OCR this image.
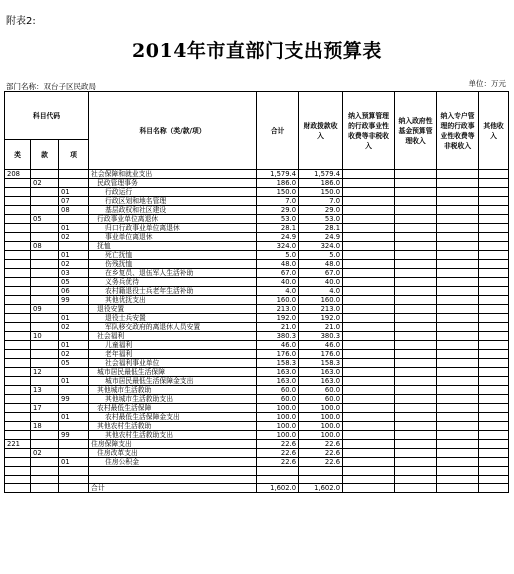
附表2:
2014年市直部门支出预算表
部门名称：双台子区民政局	单位：万元
科目代码			科目名称（类/款/项）	合计	财政拨款收入	纳入预算管理的行政事业性收费等非税收入	纳入政府性基金预算管理收入	纳入专户管理的行政事业性收费等非税收入	其他收入
类	款	项							
208			社会保障和就业支出	1,579.4	1,579.4				
	02		民政管理事务	186.0	186.0				
		01	行政运行	150.0	150.0				
		07	行政区划和地名管理	7.0	7.0				
		08	基层政权和社区建设	29.0	29.0				
	05		行政事业单位离退休	53.0	53.0				
		01	归口行政事业单位离退休	28.1	28.1				
		02	事业单位离退休	24.9	24.9				
	08		抚恤	324.0	324.0				
		01	死亡抚恤	5.0	5.0				
		02	伤残抚恤	48.0	48.0				
		03	在乡复员、退伍军人生活补助	67.0	67.0				
		05	义务兵优待	40.0	40.0				
		06	农村籍退役士兵老年生活补助	4.0	4.0				
		99	其他优抚支出	160.0	160.0				
	09		退役安置	213.0	213.0				
		01	退役士兵安置	192.0	192.0				
		02	军队移交政府的离退休人员安置	21.0	21.0				
	10		社会福利	380.3	380.3				
		01	儿童福利	46.0	46.0				
		02	老年福利	176.0	176.0				
		05	社会福利事业单位	158.3	158.3				
	12		城市居民最低生活保障	163.0	163.0				
		01	城市居民最低生活保障金支出	163.0	163.0				
	13		其他城市生活救助	60.0	60.0				
		99	其他城市生活救助支出	60.0	60.0				
	17		农村最低生活保障	100.0	100.0				
		01	农村最低生活保障金支出	100.0	100.0				
	18		其他农村生活救助	100.0	100.0				
		99	其他农村生活救助支出	100.0	100.0				
221			住房保障支出	22.6	22.6				
	02		住房改革支出	22.6	22.6				
		01	住房公积金	22.6	22.6				

			合计	1,602.0	1,602.0				
